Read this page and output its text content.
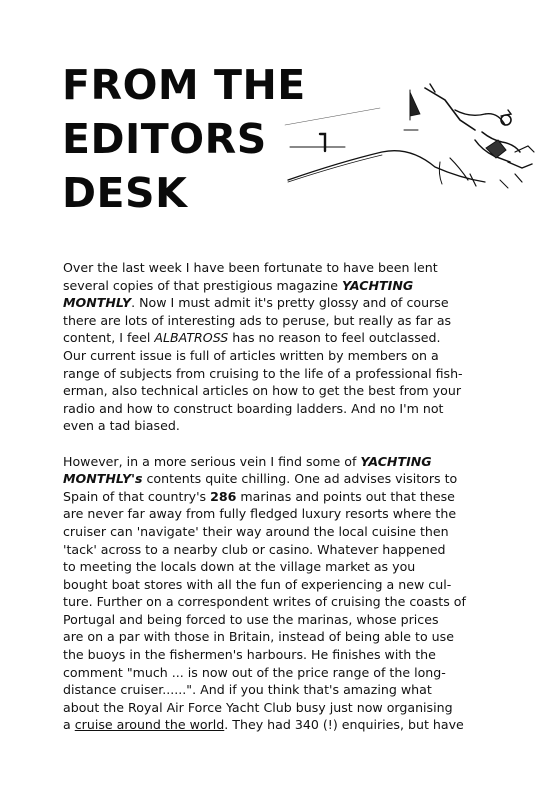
FROM THE
EDITORS
DESK
Over the last week I have been fortunate to have been lent
several copies of that prestigious magazine YACHTING
MONTHLY. Now I must admit it's pretty glossy and of course
there are lots of interesting ads to peruse, but really as far as
content, I feel ALBATROSS has no reason to feel outclassed.
Our current issue is full of articles written by members on a
range of subjects from cruising to the life of a professional fish-
erman, also technical articles on how to get the best from your
radio and how to construct boarding ladders. And no I'm not
even a tad biased.
However, in a more serious vein I find some of YACHTING
MONTHLY's contents quite chilling. One ad advises visitors to
Spain of that country's 286 marinas and points out that these
are never far away from fully fledged luxury resorts where the
cruiser can 'navigate' their way around the local cuisine then
'tack' across to a nearby club or casino. Whatever happened
to meeting the locals down at the village market as you
bought boat stores with all the fun of experiencing a new cul-
ture. Further on a correspondent writes of cruising the coasts of
Portugal and being forced to use the marinas, whose prices
are on a par with those in Britain, instead of being able to use
the buoys in the fishermen's harbours. He finishes with the
comment "much ... is now out of the price range of the long-
distance cruiser......". And if you think that's amazing what
about the Royal Air Force Yacht Club busy just now organising
a cruise around the world. They had 340 (!) enquiries, but have
